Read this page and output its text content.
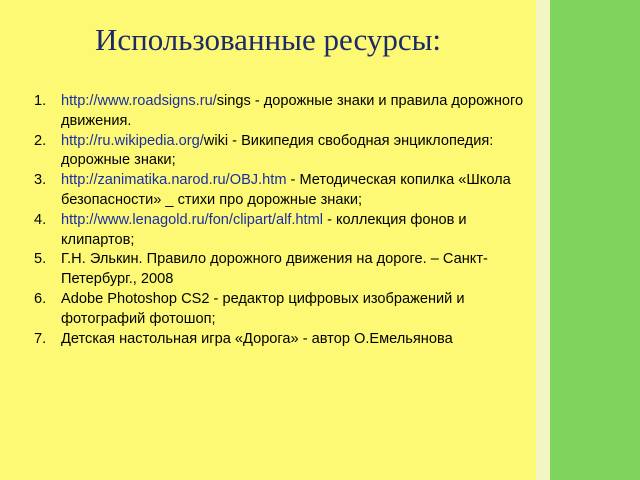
Использованные ресурсы:
1. http://www.roadsigns.ru/sings - дорожные знаки и правила дорожного движения.
2. http://ru.wikipedia.org/wiki - Википедия свободная энциклопедия: дорожные знаки;
3. http://zanimatika.narod.ru/OBJ.htm - Методическая копилка «Школа безопасности» _ стихи про дорожные знаки;
4. http://www.lenagold.ru/fon/clipart/alf.html - коллекция фонов и клипартов;
5. Г.Н. Элькин. Правило дорожного движения на дороге. – Санкт-Петербург., 2008
6. Adobe Photoshop CS2 - редактор цифровых изображений и фотографий фотошоп;
7. Детская настольная игра «Дорога» - автор О.Емельянова
